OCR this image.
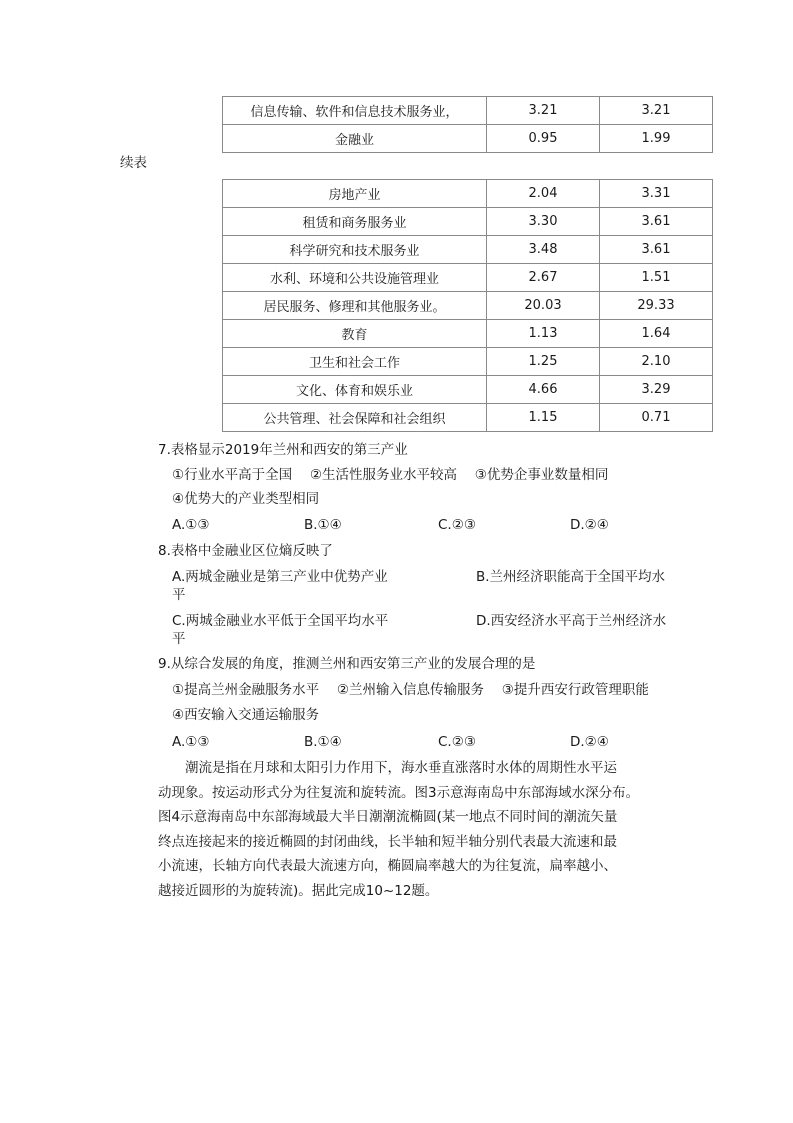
信息传输、软件和信息技术服务业，	3.21	3.21
金融业	0.95	1.99
续表
房地产业	2.04	3.31
租赁和商务服务业	3.30	3.61
科学研究和技术服务业	3.48	3.61
水利、环境和公共设施管理业	2.67	1.51
居民服务、修理和其他服务业。	20.03	29.33
教育	1.13	1.64
卫生和社会工作	1.25	2.10
文化、体育和娱乐业	4.66	3.29
公共管理、社会保障和社会组织	1.15	0.71
7.表格显示2019年兰州和西安的第三产业
①行业水平高于全国　 ②生活性服务业水平较高　 ③优势企事业数量相同
④优势大的产业类型相同
A.①③	B.①④	C.②③	D.②④
8.表格中金融业区位熵反映了
A.两城金融业是第三产业中优势产业	B.兰州经济职能高于全国平均水
平
C.两城金融业水平低于全国平均水平	D.西安经济水平高于兰州经济水
平
9.从综合发展的角度，推测兰州和西安第三产业的发展合理的是
①提高兰州金融服务水平　 ②兰州输入信息传输服务　 ③提升西安行政管理职能
④西安输入交通运输服务
A.①③	B.①④	C.②③	D.②④

　　潮流是指在月球和太阳引力作用下，海水垂直涨落时水体的周期性水平运

动现象。按运动形式分为往复流和旋转流。图3示意海南岛中东部海域水深分布。

图4示意海南岛中东部海域最大半日潮潮流椭圆(某一地点不同时间的潮流矢量

终点连接起来的接近椭圆的封闭曲线，长半轴和短半轴分别代表最大流速和最

小流速，长轴方向代表最大流速方向，椭圆扁率越大的为往复流，扁率越小、

越接近圆形的为旋转流)。据此完成10~12题。
